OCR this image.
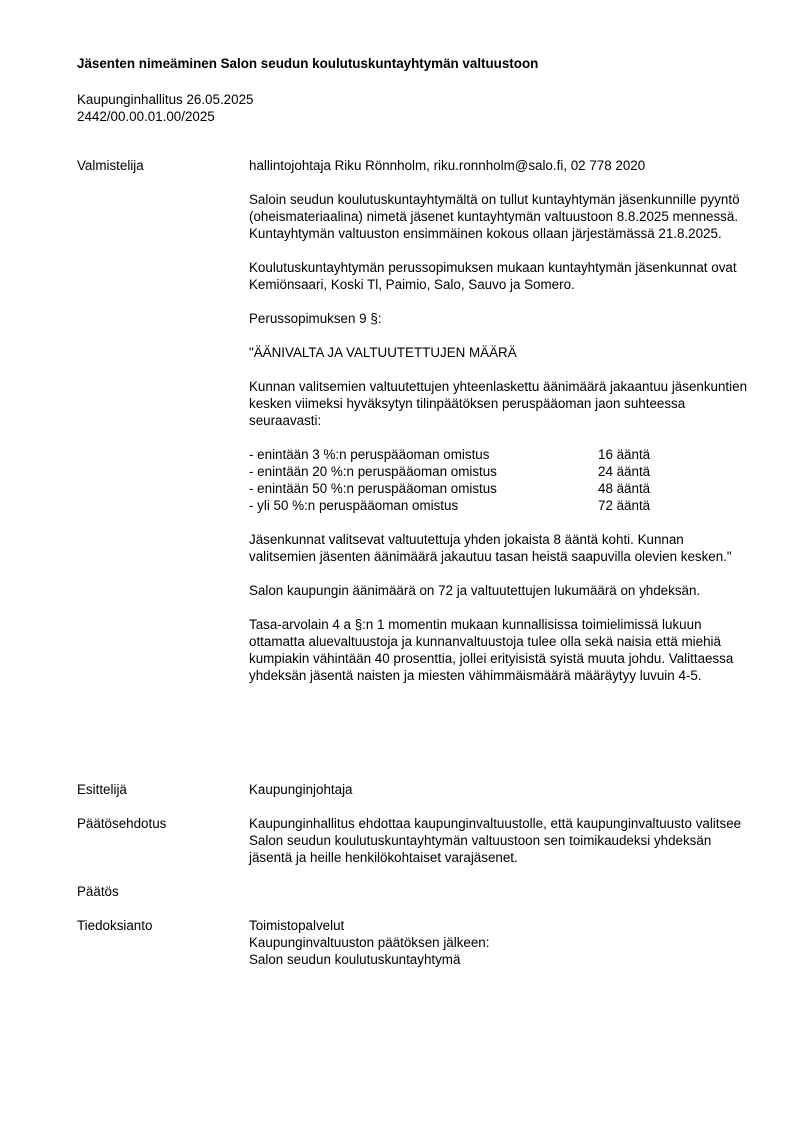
Jäsenten nimeäminen Salon seudun koulutuskuntayhtymän valtuustoon
Kaupunginhallitus 26.05.2025
2442/00.00.01.00/2025
Valmistelija	hallintojohtaja Riku Rönnholm, riku.ronnholm@salo.fi, 02 778 2020

Saloin seudun koulutuskuntayhtymältä on tullut kuntayhtymän jäsenkunnille pyyntö (oheismateriaalina) nimetä jäsenet kuntayhtymän valtuustoon 8.8.2025 mennessä. Kuntayhtymän valtuuston ensimmäinen kokous ollaan järjestämässä 21.8.2025.

Koulutuskuntayhtymän perussopimuksen mukaan kuntayhtymän jäsenkunnat ovat Kemiönsaari, Koski Tl, Paimio, Salo, Sauvo ja Somero.

Perussopimuksen 9 §:

"ÄÄNIVALTA JA VALTUUTETTUJEN MÄÄRÄ

Kunnan valitsemien valtuutettujen yhteenlaskettu äänimäärä jakaantuu jäsenkuntien kesken viimeksi hyväksytyn tilinpäätöksen peruspääoman jaon suhteessa seuraavasti:

- enintään 3 %:n peruspääoman omistus	16 ääntä
- enintään 20 %:n peruspääoman omistus	24 ääntä
- enintään 50 %:n peruspääoman omistus	48 ääntä
- yli 50 %:n peruspääoman omistus	72 ääntä

Jäsenkunnat valitsevat valtuutettuja yhden jokaista 8 ääntä kohti. Kunnan valitsemien jäsenten äänimäärä jakautuu tasan heistä saapuvilla olevien kesken."

Salon kaupungin äänimäärä on 72 ja valtuutettujen lukumäärä on yhdeksän.

Tasa-arvolain 4 a §:n 1 momentin mukaan kunnallisissa toimielimissä lukuun ottamatta aluevaltuustoja ja kunnanvaltuustoja tulee olla sekä naisia että miehiä kumpiakin vähintään 40 prosenttia, jollei erityisistä syistä muuta johdu. Valittaessa yhdeksän jäsentä naisten ja miesten vähimmäismäärä määräytyy luvuin 4-5.

Esittelijä	Kaupunginjohtaja
Päätösehdotus	Kaupunginhallitus ehdottaa kaupunginvaltuustolle, että kaupunginvaltuusto valitsee Salon seudun koulutuskuntayhtymän valtuustoon sen toimikaudeksi yhdeksän jäsentä ja heille henkilökohtaiset varajäsenet.
Päätös
Tiedoksianto	Toimistopalvelut
Kaupunginvaltuuston päätöksen jälkeen:
Salon seudun koulutuskuntayhtymä
